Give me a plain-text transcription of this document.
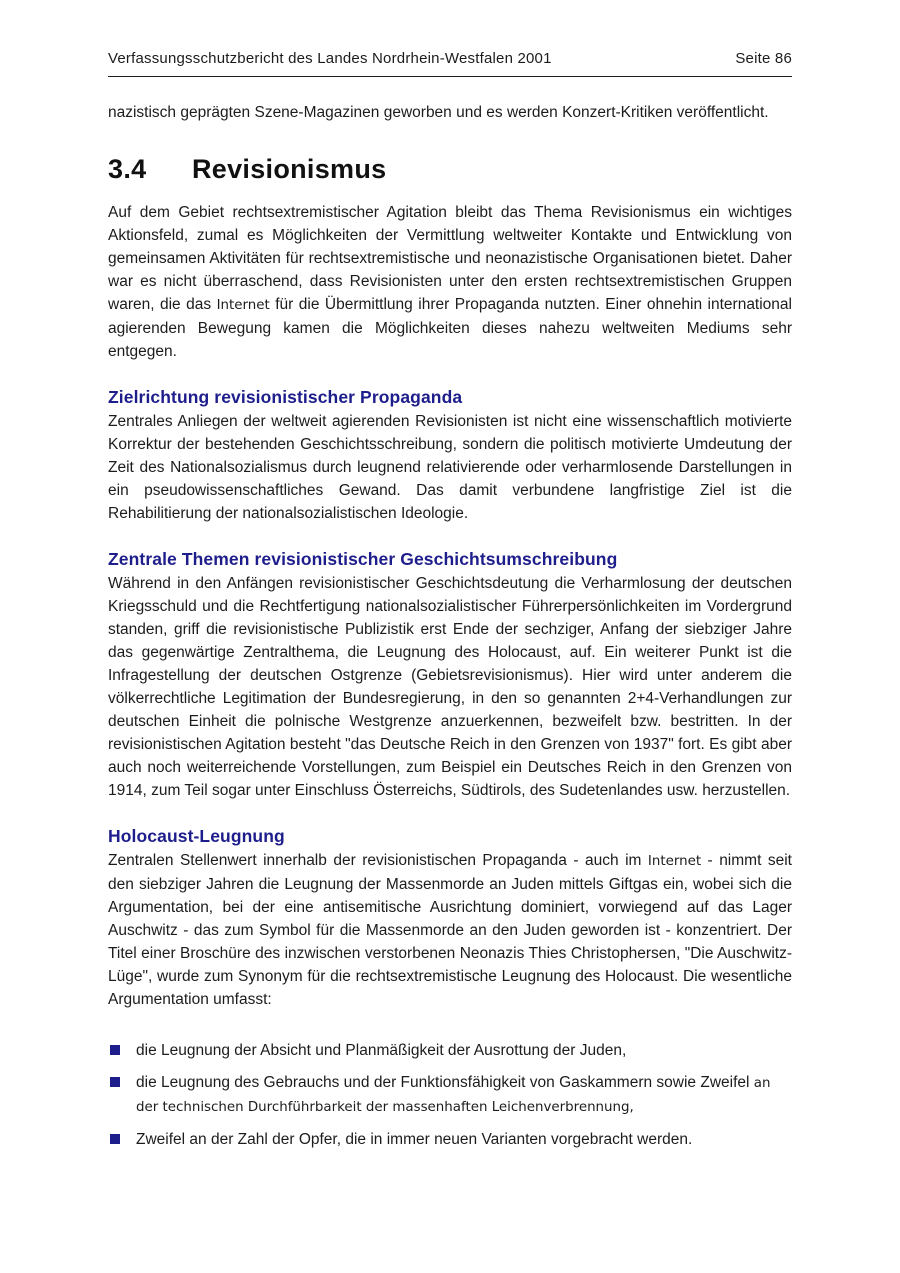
Verfassungsschutzbericht des Landes Nordrhein-Westfalen 2001	Seite 86

nazistisch geprägten Szene-Magazinen geworben und es werden Konzert-Kritiken veröffentlicht.

3.4	Revisionismus

Auf dem Gebiet rechtsextremistischer Agitation bleibt das Thema Revisionismus ein wichtiges Aktionsfeld, zumal es Möglichkeiten der Vermittlung weltweiter Kontakte und Entwicklung von gemeinsamen Aktivitäten für rechtsextremistische und neonazistische Organisationen bietet. Daher war es nicht überraschend, dass Revisionisten unter den ersten rechtsextremistischen Gruppen waren, die das Internet für die Übermittlung ihrer Propaganda nutzten. Einer ohnehin international agierenden Bewegung kamen die Möglichkeiten dieses nahezu weltweiten Mediums sehr entgegen.

Zielrichtung revisionistischer Propaganda

Zentrales Anliegen der weltweit agierenden Revisionisten ist nicht eine wissenschaftlich motivierte Korrektur der bestehenden Geschichtsschreibung, sondern die politisch motivierte Umdeutung der Zeit des Nationalsozialismus durch leugnend relativierende oder verharmlosende Darstellungen in ein pseudowissenschaftliches Gewand. Das damit verbundene langfristige Ziel ist die Rehabilitierung der nationalsozialistischen Ideologie.

Zentrale Themen revisionistischer Geschichtsumschreibung

Während in den Anfängen revisionistischer Geschichtsdeutung die Verharmlosung der deutschen Kriegsschuld und die Rechtfertigung nationalsozialistischer Führerpersönlichkeiten im Vordergrund standen, griff die revisionistische Publizistik erst Ende der sechziger, Anfang der siebziger Jahre das gegenwärtige Zentralthema, die Leugnung des Holocaust, auf. Ein weiterer Punkt ist die Infragestellung der deutschen Ostgrenze (Gebietsrevisionismus). Hier wird unter anderem die völkerrechtliche Legitimation der Bundesregierung, in den so genannten 2+4-Verhandlungen zur deutschen Einheit die polnische Westgrenze anzuerkennen, bezweifelt bzw. bestritten. In der revisionistischen Agitation besteht "das Deutsche Reich in den Grenzen von 1937" fort. Es gibt aber auch noch weiterreichende Vorstellungen, zum Beispiel ein Deutsches Reich in den Grenzen von 1914, zum Teil sogar unter Einschluss Österreichs, Südtirols, des Sudetenlandes usw. herzustellen.

Holocaust-Leugnung

Zentralen Stellenwert innerhalb der revisionistischen Propaganda - auch im Internet - nimmt seit den siebziger Jahren die Leugnung der Massenmorde an Juden mittels Giftgas ein, wobei sich die Argumentation, bei der eine antisemitische Ausrichtung dominiert, vorwiegend auf das Lager Auschwitz - das zum Symbol für die Massenmorde an den Juden geworden ist - konzentriert. Der Titel einer Broschüre des inzwischen verstorbenen Neonazis Thies Christophersen, "Die Auschwitz-Lüge", wurde zum Synonym für die rechtsextremistische Leugnung des Holocaust. Die wesentliche Argumentation umfasst:

die Leugnung der Absicht und Planmäßigkeit der Ausrottung der Juden,
die Leugnung des Gebrauchs und der Funktionsfähigkeit von Gaskammern sowie Zweifel an der technischen Durchführbarkeit der massenhaften Leichenverbrennung,
Zweifel an der Zahl der Opfer, die in immer neuen Varianten vorgebracht werden.
